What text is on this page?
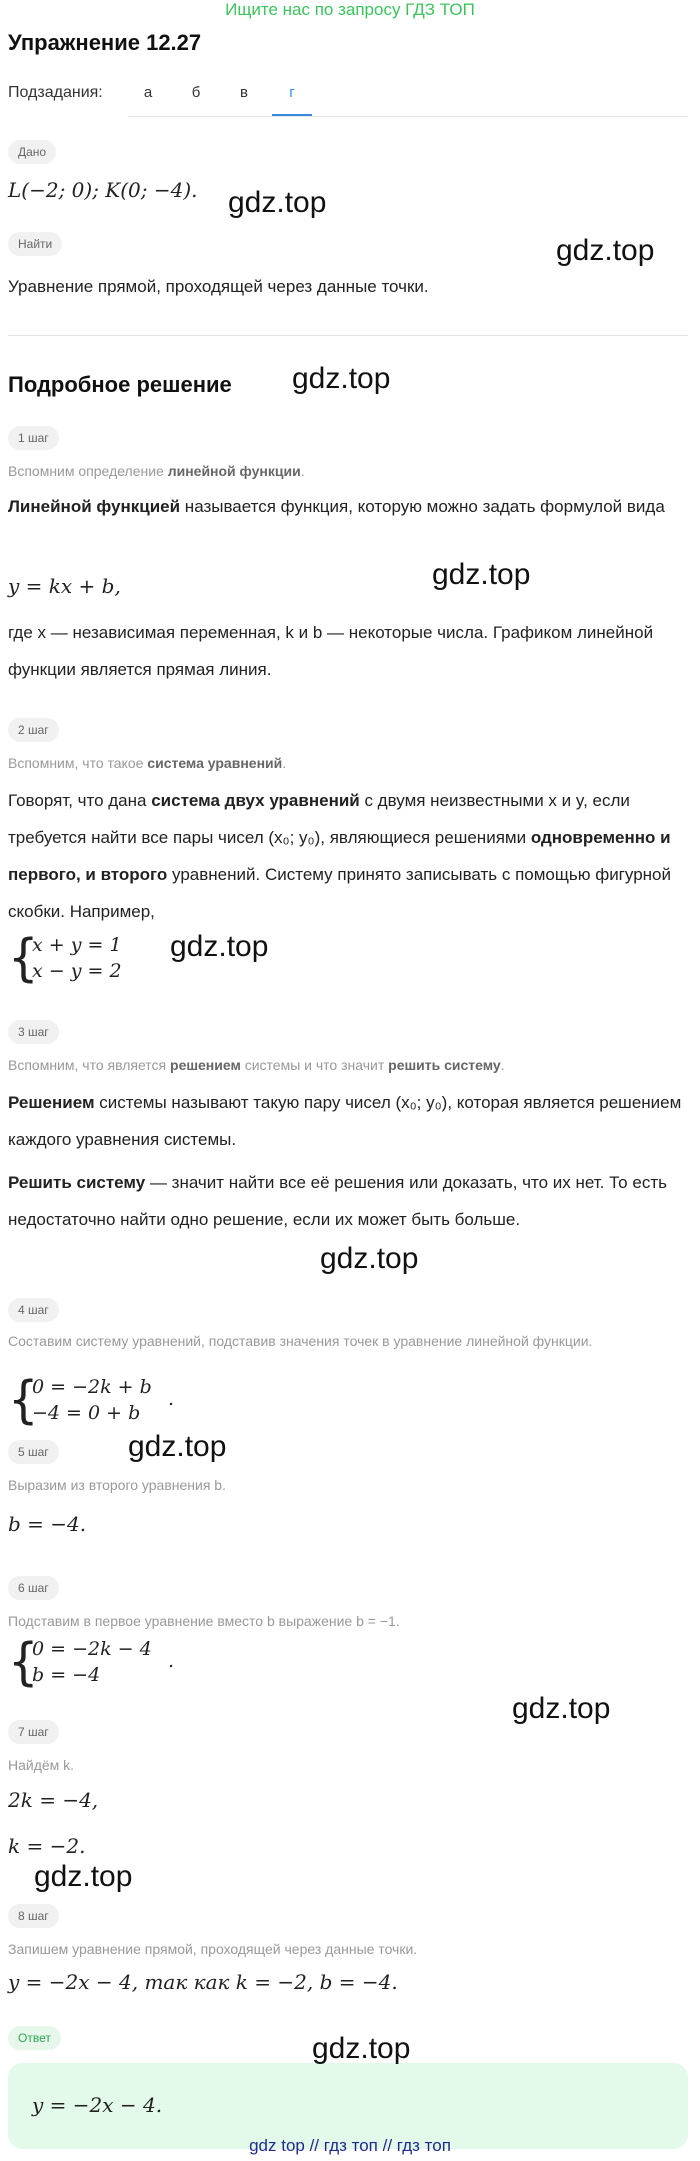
Ищите нас по запросу ГДЗ ТОП
Упражнение 12.27
Подзадания:	а	б	в	г
Дано
L(−2; 0); K(0; −4). gdz.top
Найти	gdz.top
Уравнение прямой, проходящей через данные точки.
Подробное решение gdz.top
1 шаг
Вспомним определение линейной функции.
Линейной функцией называется функция, которую можно задать формулой вида
y = kx + b,	gdz.top
где x — независимая переменная, k и b — некоторые числа. Графиком линейной функции является прямая линия.
2 шаг
Вспомним, что такое система уравнений.
Говорят, что дана система двух уравнений с двумя неизвестными x и y, если требуется найти все пары чисел (x₀; y₀), являющиеся решениями одновременно и первого, и второго уравнений. Систему принято записывать с помощью фигурной скобки. Например,
{
x + y = 1
x − y = 2
gdz.top
3 шаг
Вспомним, что является решением системы и что значит решить систему.
Решением системы называют такую пару чисел (x₀; y₀), которая является решением каждого уравнения системы.
Решить систему — значит найти все её решения или доказать, что их нет. То есть недостаточно найти одно решение, если их может быть больше.
gdz.top
4 шаг
Составим систему уравнений, подставив значения точек в уравнение линейной функции.
{
0 = −2k + b
−4 = 0 + b
.
5 шаг	gdz.top
Выразим из второго уравнения b.
b = −4.
6 шаг
Подставим в первое уравнение вместо b выражение b = −1.
{
0 = −2k − 4
b = −4
.
gdz.top
7 шаг
Найдём k.
2k = −4,
k = −2.
gdz.top
8 шаг
Запишем уравнение прямой, проходящей через данные точки.
y = −2x − 4, так как k = −2, b = −4.
Ответ
y = −2x − 4.
gdz.top
gdz top // гдз топ // гдз топ
